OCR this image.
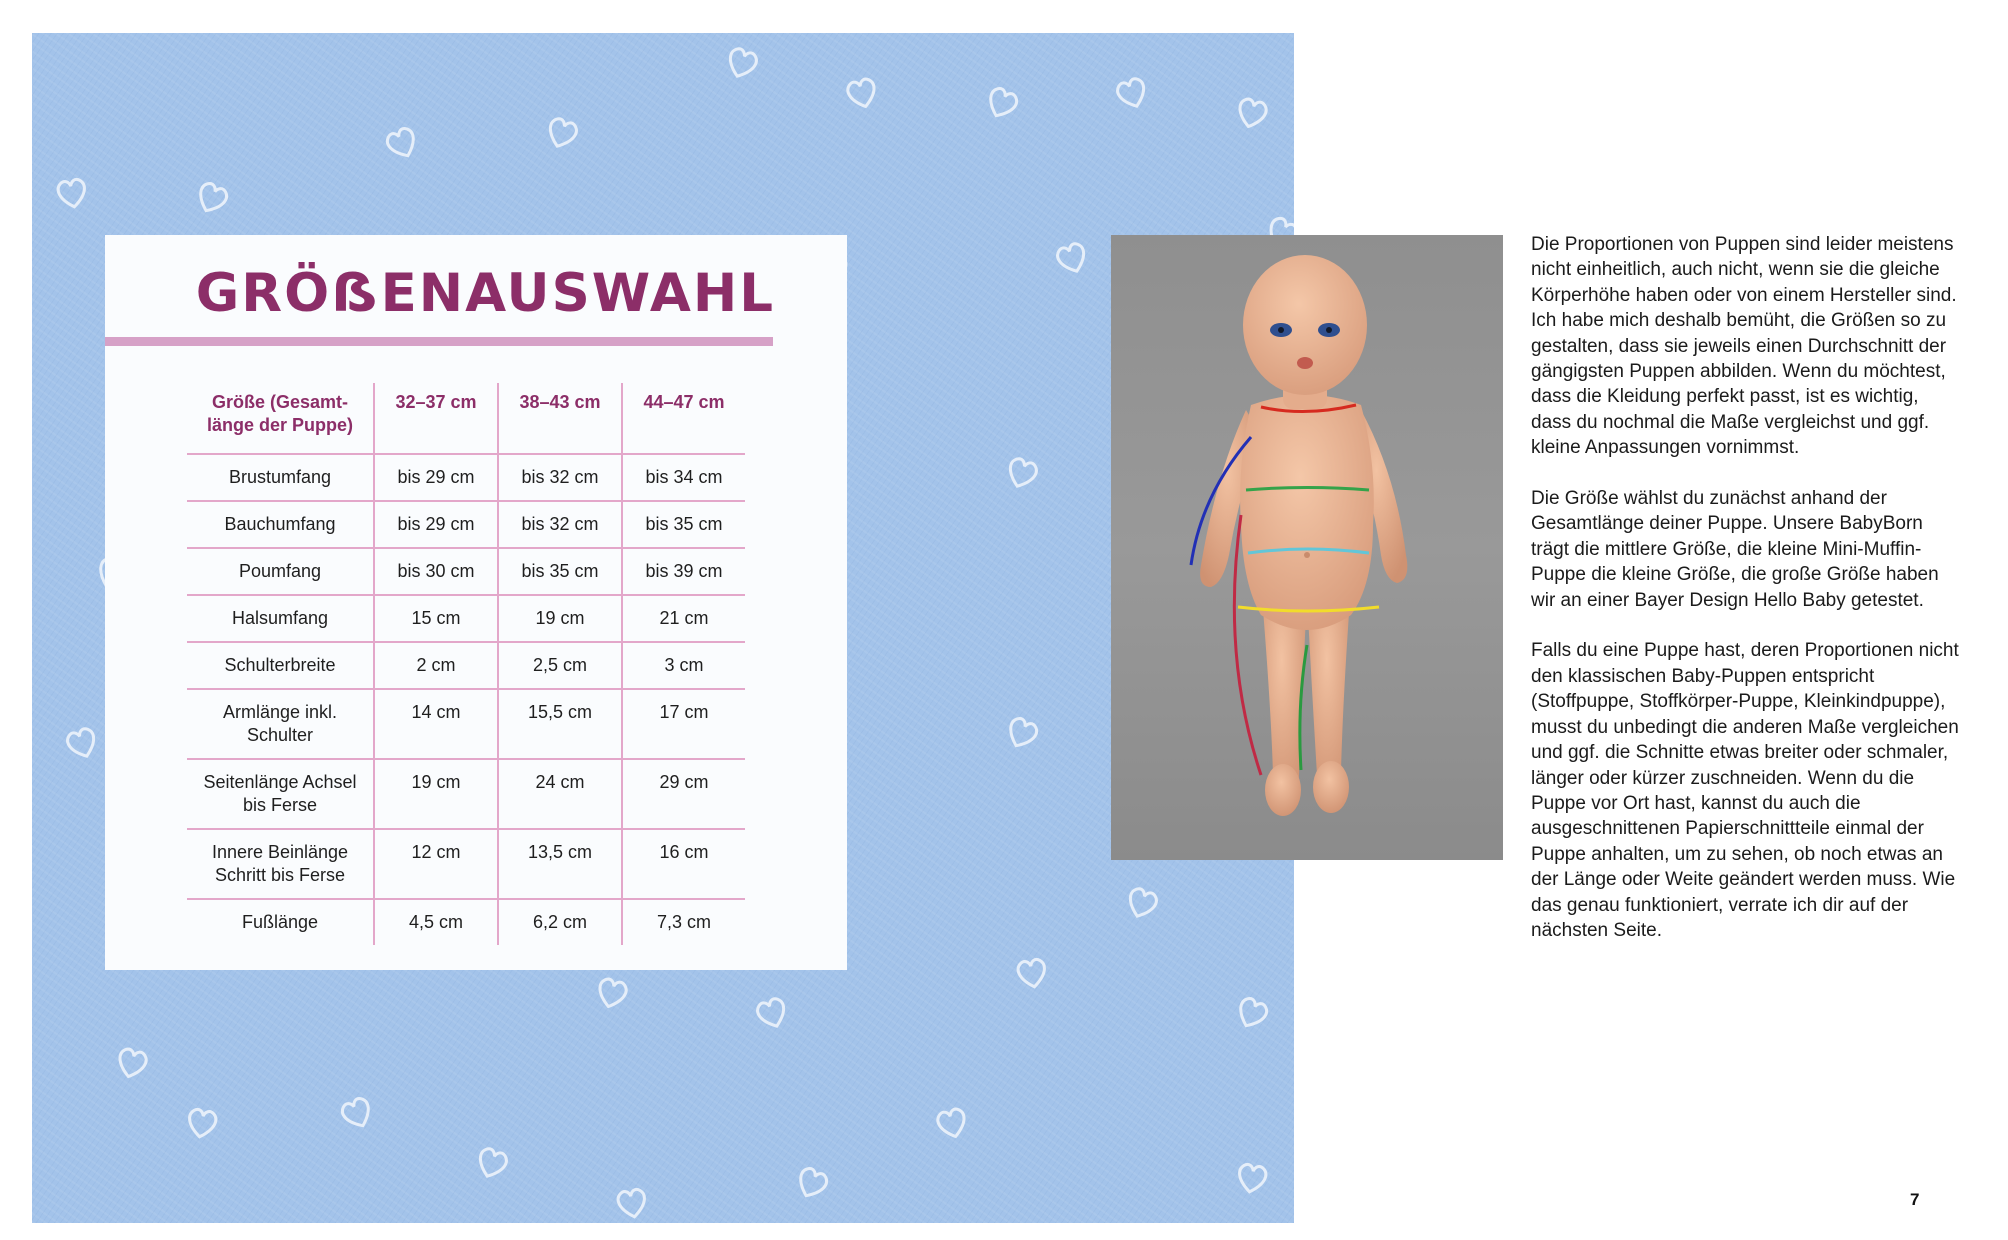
GRÖẞENAUSWAHL
Größe (Gesamt-
länge der Puppe)	32–37 cm	38–43 cm	44–47 cm
Brustumfang	bis 29 cm	bis 32 cm	bis 34 cm
Bauchumfang	bis 29 cm	bis 32 cm	bis 35 cm
Poumfang	bis 30 cm	bis 35 cm	bis 39 cm
Halsumfang	15 cm	19 cm	21 cm
Schulterbreite	2 cm	2,5 cm	3 cm
Armlänge inkl.
Schulter	14 cm	15,5 cm	17 cm
Seitenlänge Achsel
bis Ferse	19 cm	24 cm	29 cm
Innere Beinlänge
Schritt bis Ferse	12 cm	13,5 cm	16 cm
Fußlänge	4,5 cm	6,2 cm	7,3 cm

Die Proportionen von Puppen sind leider meistens nicht einheitlich, auch nicht, wenn sie die gleiche Körperhöhe haben oder von einem Hersteller sind. Ich habe mich deshalb bemüht, die Größen so zu gestalten, dass sie jeweils einen Durchschnitt der gängigsten Puppen abbilden. Wenn du möchtest, dass die Kleidung perfekt passt, ist es wichtig, dass du nochmal die Maße vergleichst und ggf. kleine Anpassungen vornimmst.

Die Größe wählst du zunächst anhand der Gesamtlänge deiner Puppe. Unsere BabyBorn trägt die mittlere Größe, die kleine Mini-Muffin-Puppe die kleine Größe, die große Größe haben wir an einer Bayer Design Hello Baby getestet.

Falls du eine Puppe hast, deren Proportionen nicht den klassischen Baby-Puppen entspricht (Stoffpuppe, Stoffkörper-Puppe, Kleinkindpuppe), musst du unbedingt die anderen Maße vergleichen und ggf. die Schnitte etwas breiter oder schmaler, länger oder kürzer zuschneiden. Wenn du die Puppe vor Ort hast, kannst du auch die ausgeschnittenen Papierschnittteile einmal der Puppe anhalten, um zu sehen, ob noch etwas an der Länge oder Weite geändert werden muss. Wie das genau funktioniert, verrate ich dir auf der nächsten Seite.

7
